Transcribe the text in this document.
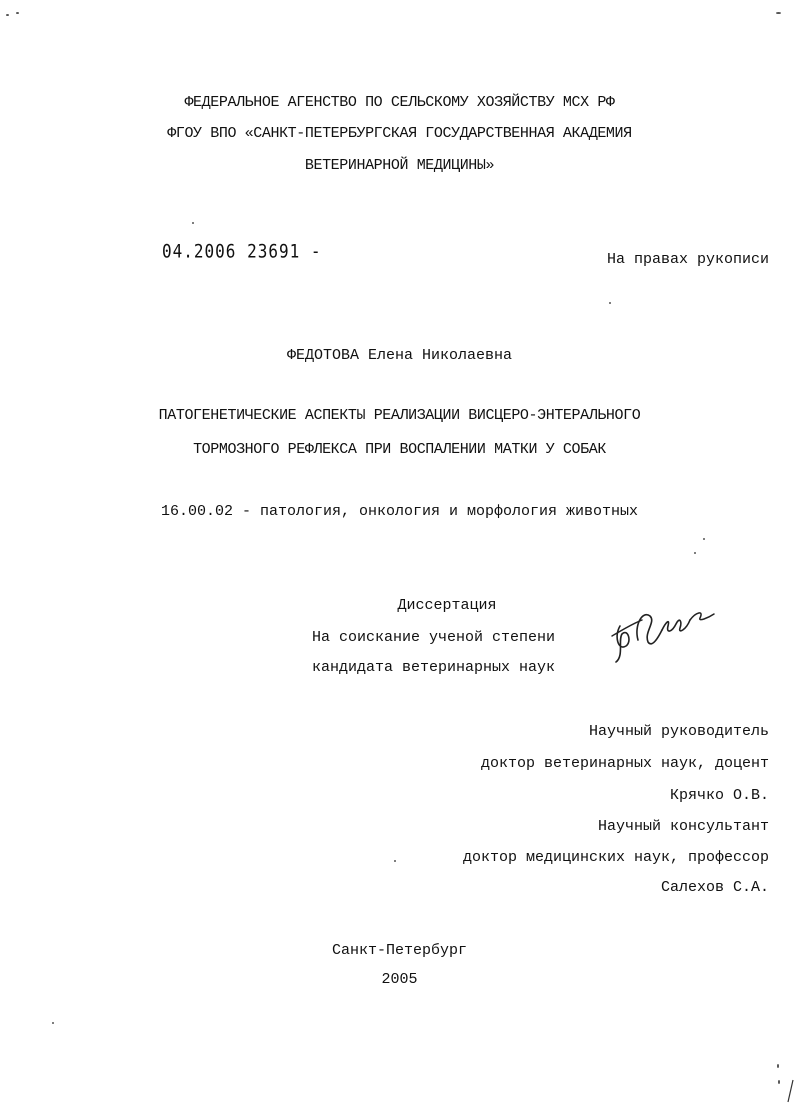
ФЕДЕРАЛЬНОЕ АГЕНСТВО ПО СЕЛЬСКОМУ ХОЗЯЙСТВУ МСХ РФ
ФГОУ ВПО «САНКТ-ПЕТЕРБУРГСКАЯ ГОСУДАРСТВЕННАЯ АКАДЕМИЯ
ВЕТЕРИНАРНОЙ МЕДИЦИНЫ»
04.2006 23691 -	На правах рукописи
ФЕДОТОВА Елена Николаевна
ПАТОГЕНЕТИЧЕСКИЕ АСПЕКТЫ РЕАЛИЗАЦИИ ВИСЦЕРО-ЭНТЕРАЛЬНОГО
ТОРМОЗНОГО РЕФЛЕКСА ПРИ ВОСПАЛЕНИИ МАТКИ У СОБАК
16.00.02 - патология, онкология и морфология животных
Диссертация
На соискание ученой степени
кандидата ветеринарных наук
Научный руководитель
доктор ветеринарных наук, доцент
Крячко О.В.
Научный консультант
доктор медицинских наук, профессор
Салехов С.А.
Санкт-Петербург
2005
